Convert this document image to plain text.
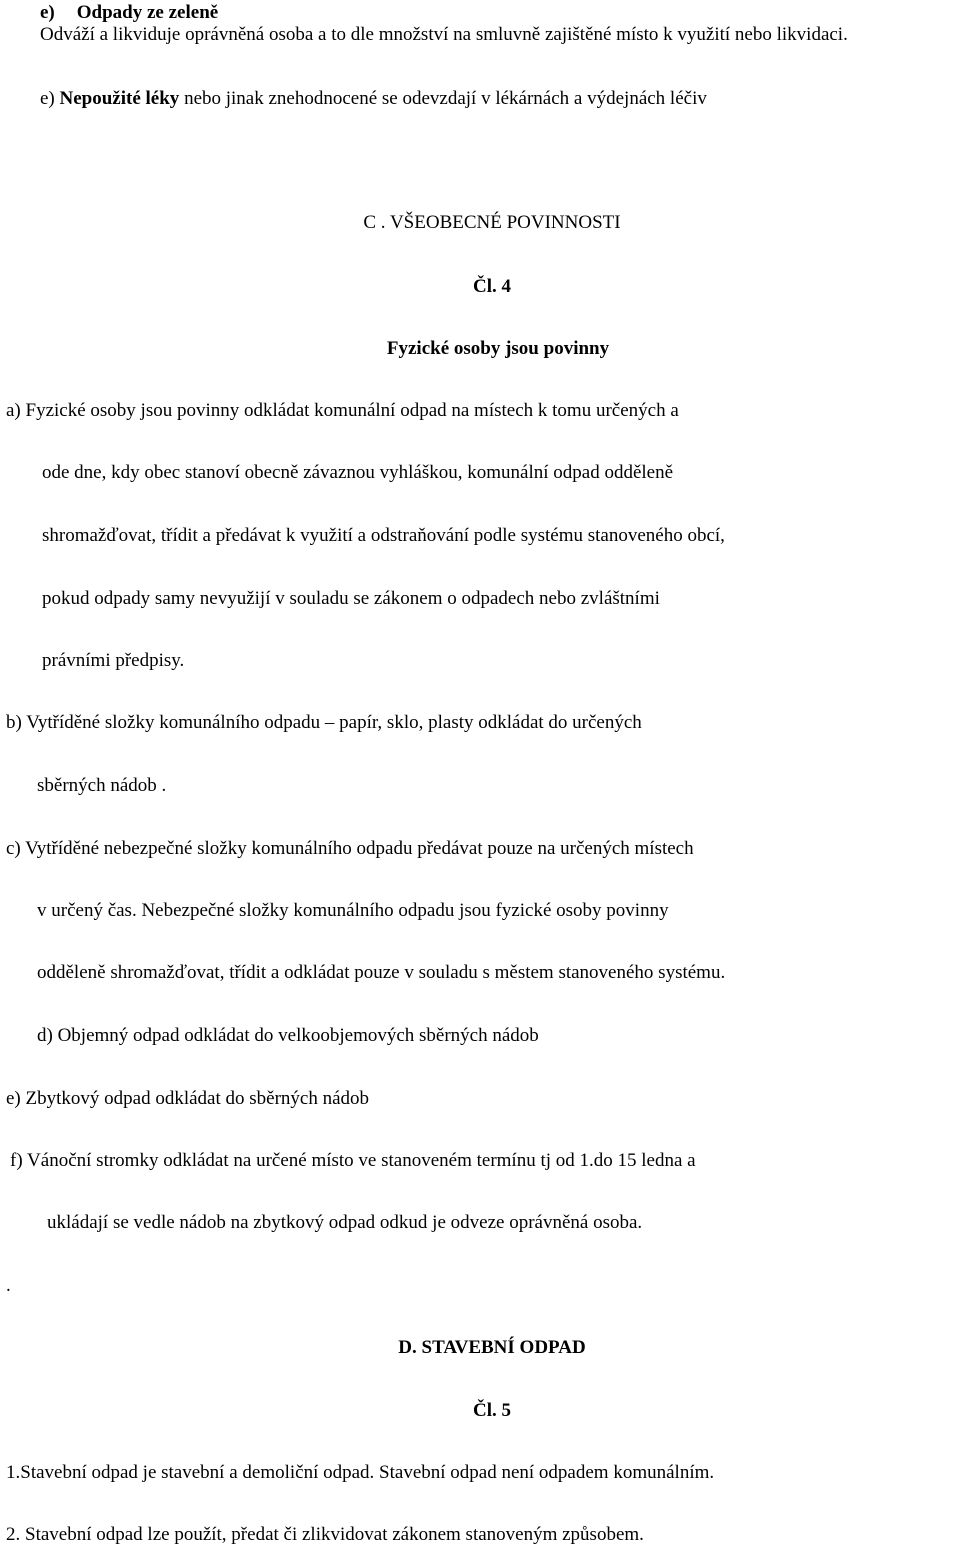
e) Odpady ze zeleně
Odváží a likviduje oprávněná osoba a to dle množství na smluvně zajištěné místo k využití nebo likvidaci.
e) Nepoužité léky nebo jinak znehodnocené se odevzdají v lékárnách a výdejnách léčiv
C . VŠEOBECNÉ POVINNOSTI
Čl. 4
Fyzické osoby jsou povinny
a) Fyzické osoby jsou povinny odkládat komunální odpad na místech k tomu určených a
ode dne, kdy obec stanoví obecně závaznou vyhláškou, komunální odpad odděleně
shromažďovat, třídit a předávat k využití a odstraňování podle systému stanoveného obcí,
pokud odpady samy nevyužijí v souladu se zákonem o odpadech nebo zvláštními
právními předpisy.
b) Vytříděné složky komunálního odpadu – papír, sklo, plasty odkládat do určených
sběrných nádob .
c) Vytříděné nebezpečné složky komunálního odpadu předávat pouze na určených místech
v určený čas. Nebezpečné složky komunálního odpadu jsou fyzické osoby povinny
odděleně shromažďovat, třídit a odkládat pouze v souladu s městem stanoveného systému.
d) Objemný odpad odkládat do velkoobjemových sběrných nádob
e) Zbytkový odpad odkládat do sběrných nádob
f) Vánoční stromky odkládat na určené místo ve stanoveném termínu tj od 1.do 15 ledna a
ukládají se vedle nádob na zbytkový odpad odkud je odveze oprávněná osoba.
.
D. STAVEBNÍ ODPAD
Čl. 5
1.Stavební odpad je stavební a demoliční odpad. Stavební odpad není odpadem komunálním.
2. Stavební odpad lze použít, předat či zlikvidovat zákonem stanoveným způsobem.
